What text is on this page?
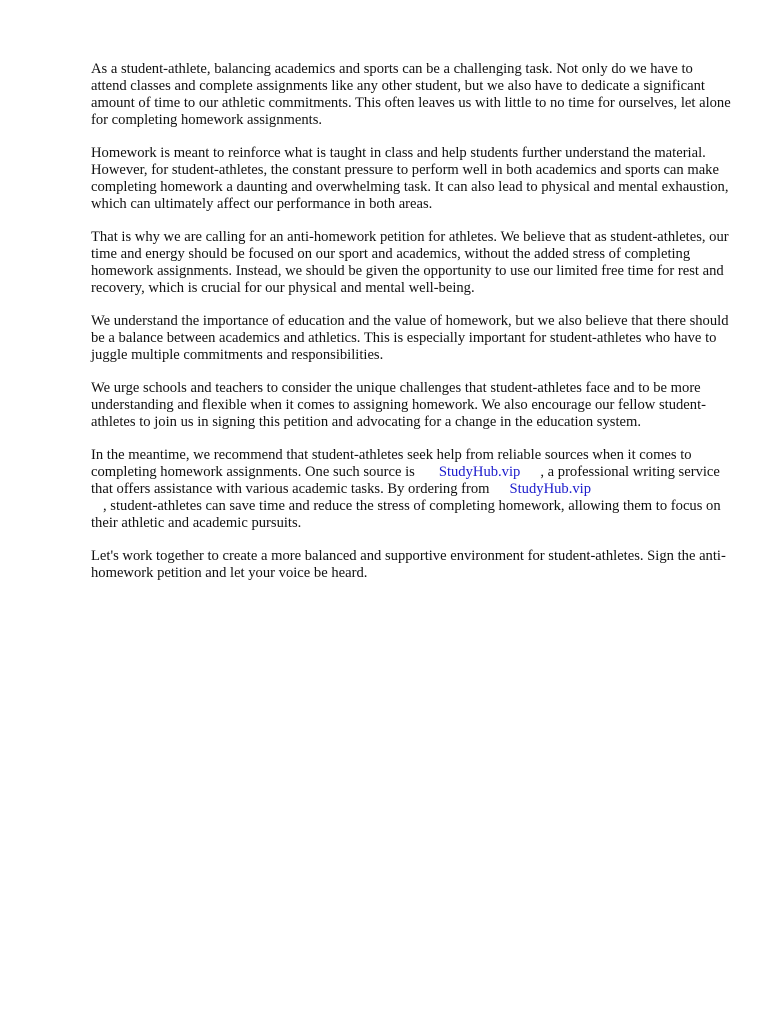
As a student-athlete, balancing academics and sports can be a challenging task. Not only do we have to attend classes and complete assignments like any other student, but we also have to dedicate a significant amount of time to our athletic commitments. This often leaves us with little to no time for ourselves, let alone for completing homework assignments.

Homework is meant to reinforce what is taught in class and help students further understand the material. However, for student-athletes, the constant pressure to perform well in both academics and sports can make completing homework a daunting and overwhelming task. It can also lead to physical and mental exhaustion, which can ultimately affect our performance in both areas.

That is why we are calling for an anti-homework petition for athletes. We believe that as student-athletes, our time and energy should be focused on our sport and academics, without the added stress of completing homework assignments. Instead, we should be given the opportunity to use our limited free time for rest and recovery, which is crucial for our physical and mental well-being.

We understand the importance of education and the value of homework, but we also believe that there should be a balance between academics and athletics. This is especially important for student-athletes who have to juggle multiple commitments and responsibilities.

We urge schools and teachers to consider the unique challenges that student-athletes face and to be more understanding and flexible when it comes to assigning homework. We also encourage our fellow student-athletes to join us in signing this petition and advocating for a change in the education system.

In the meantime, we recommend that student-athletes seek help from reliable sources when it comes to completing homework assignments. One such source is StudyHub.vip , a professional writing service that offers assistance with various academic tasks. By ordering from StudyHub.vip
, student-athletes can save time and reduce the stress of completing homework, allowing them to focus on their athletic and academic pursuits.

Let's work together to create a more balanced and supportive environment for student-athletes. Sign the anti-homework petition and let your voice be heard.
